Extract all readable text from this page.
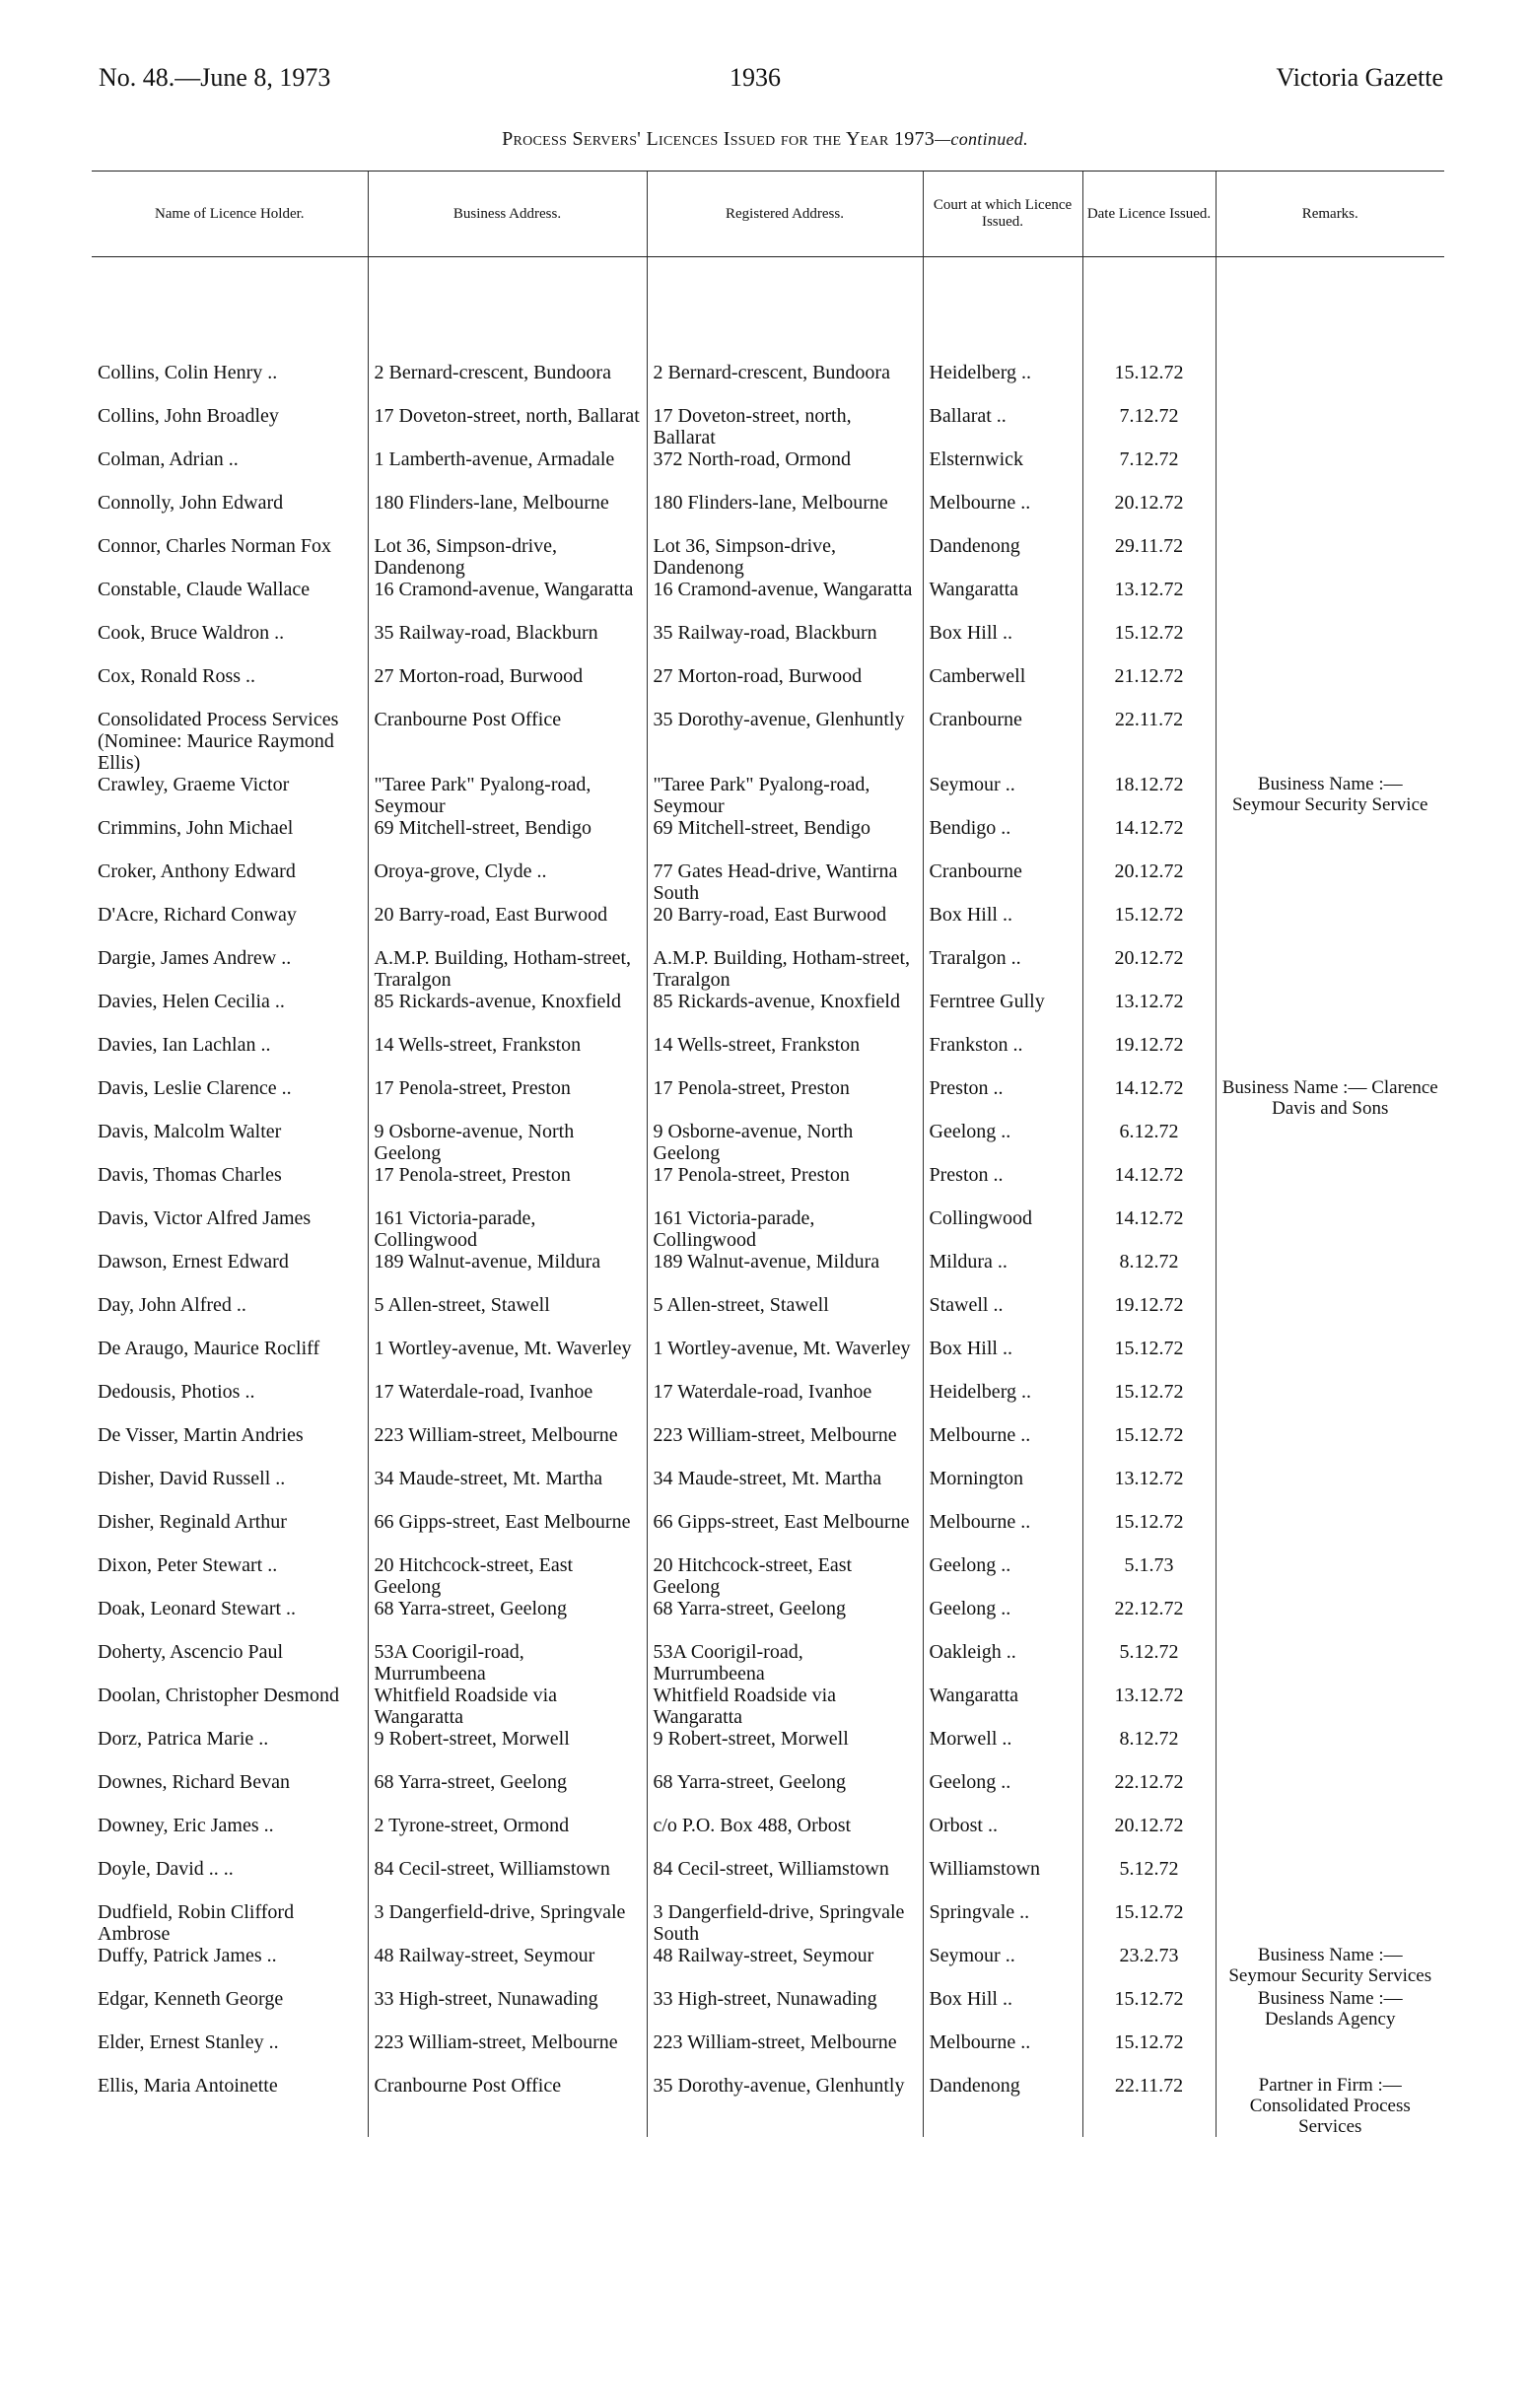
No. 48.—June 8, 1973	1936	Victoria Gazette
Process Servers' Licences Issued for the Year 1973—continued.
Name of Licence Holder.	Business Address.	Registered Address.	Court at which Licence Issued.	Date Licence Issued.	Remarks.

Collins, Colin Henry ..	2 Bernard-crescent, Bundoora	2 Bernard-crescent, Bundoora	Heidelberg ..	15.12.72	

Collins, John Broadley	17 Doveton-street, north, Ballarat	17 Doveton-street, north, Ballarat	Ballarat ..	7.12.72	

Colman, Adrian ..	1 Lamberth-avenue, Armadale	372 North-road, Ormond	Elsternwick	7.12.72	

Connolly, John Edward	180 Flinders-lane, Melbourne	180 Flinders-lane, Melbourne	Melbourne ..	20.12.72	

Connor, Charles Norman Fox	Lot 36, Simpson-drive, Dandenong	Lot 36, Simpson-drive, Dandenong	Dandenong	29.11.72	

Constable, Claude Wallace	16 Cramond-avenue, Wangaratta	16 Cramond-avenue, Wangaratta	Wangaratta	13.12.72	

Cook, Bruce Waldron ..	35 Railway-road, Blackburn	35 Railway-road, Blackburn	Box Hill ..	15.12.72	

Cox, Ronald Ross ..	27 Morton-road, Burwood	27 Morton-road, Burwood	Camberwell	21.12.72	

Consolidated Process Services (Nominee: Maurice Raymond Ellis)	Cranbourne Post Office	35 Dorothy-avenue, Glenhuntly	Cranbourne	22.11.72	

Crawley, Graeme Victor	"Taree Park" Pyalong-road, Seymour	"Taree Park" Pyalong-road, Seymour	Seymour ..	18.12.72	Business Name :— Seymour Security Service

Crimmins, John Michael	69 Mitchell-street, Bendigo	69 Mitchell-street, Bendigo	Bendigo ..	14.12.72	

Croker, Anthony Edward	Oroya-grove, Clyde ..	77 Gates Head-drive, Wantirna South	Cranbourne	20.12.72	

D'Acre, Richard Conway	20 Barry-road, East Burwood	20 Barry-road, East Burwood	Box Hill ..	15.12.72	

Dargie, James Andrew ..	A.M.P. Building, Hotham-street, Traralgon	A.M.P. Building, Hotham-street, Traralgon	Traralgon ..	20.12.72	

Davies, Helen Cecilia ..	85 Rickards-avenue, Knoxfield	85 Rickards-avenue, Knoxfield	Ferntree Gully	13.12.72	

Davies, Ian Lachlan ..	14 Wells-street, Frankston	14 Wells-street, Frankston	Frankston ..	19.12.72	

Davis, Leslie Clarence ..	17 Penola-street, Preston	17 Penola-street, Preston	Preston ..	14.12.72	Business Name :— Clarence Davis and Sons

Davis, Malcolm Walter	9 Osborne-avenue, North Geelong	9 Osborne-avenue, North Geelong	Geelong ..	6.12.72	

Davis, Thomas Charles	17 Penola-street, Preston	17 Penola-street, Preston	Preston ..	14.12.72	

Davis, Victor Alfred James	161 Victoria-parade, Collingwood	161 Victoria-parade, Collingwood	Collingwood	14.12.72	

Dawson, Ernest Edward	189 Walnut-avenue, Mildura	189 Walnut-avenue, Mildura	Mildura ..	8.12.72	

Day, John Alfred ..	5 Allen-street, Stawell	5 Allen-street, Stawell	Stawell ..	19.12.72	

De Araugo, Maurice Rocliff	1 Wortley-avenue, Mt. Waverley	1 Wortley-avenue, Mt. Waverley	Box Hill ..	15.12.72	

Dedousis, Photios ..	17 Waterdale-road, Ivanhoe	17 Waterdale-road, Ivanhoe	Heidelberg ..	15.12.72	

De Visser, Martin Andries	223 William-street, Melbourne	223 William-street, Melbourne	Melbourne ..	15.12.72	

Disher, David Russell ..	34 Maude-street, Mt. Martha	34 Maude-street, Mt. Martha	Mornington	13.12.72	

Disher, Reginald Arthur	66 Gipps-street, East Melbourne	66 Gipps-street, East Melbourne	Melbourne ..	15.12.72	

Dixon, Peter Stewart ..	20 Hitchcock-street, East Geelong	20 Hitchcock-street, East Geelong	Geelong ..	5.1.73	

Doak, Leonard Stewart ..	68 Yarra-street, Geelong	68 Yarra-street, Geelong	Geelong ..	22.12.72	

Doherty, Ascencio Paul	53A Coorigil-road, Murrumbeena	53A Coorigil-road, Murrumbeena	Oakleigh ..	5.12.72	

Doolan, Christopher Desmond	Whitfield Roadside via Wangaratta	Whitfield Roadside via Wangaratta	Wangaratta	13.12.72	

Dorz, Patrica Marie ..	9 Robert-street, Morwell	9 Robert-street, Morwell	Morwell ..	8.12.72	

Downes, Richard Bevan	68 Yarra-street, Geelong	68 Yarra-street, Geelong	Geelong ..	22.12.72	

Downey, Eric James ..	2 Tyrone-street, Ormond	c/o P.O. Box 488, Orbost	Orbost ..	20.12.72	

Doyle, David .. ..	84 Cecil-street, Williamstown	84 Cecil-street, Williamstown	Williamstown	5.12.72	

Dudfield, Robin Clifford Ambrose	3 Dangerfield-drive, Springvale	3 Dangerfield-drive, Springvale South	Springvale ..	15.12.72	

Duffy, Patrick James ..	48 Railway-street, Seymour	48 Railway-street, Seymour	Seymour ..	23.2.73	Business Name :— Seymour Security Services

Edgar, Kenneth George	33 High-street, Nunawading	33 High-street, Nunawading	Box Hill ..	15.12.72	Business Name :— Deslands Agency

Elder, Ernest Stanley ..	223 William-street, Melbourne	223 William-street, Melbourne	Melbourne ..	15.12.72	

Ellis, Maria Antoinette	Cranbourne Post Office	35 Dorothy-avenue, Glenhuntly	Dandenong	22.11.72	Partner in Firm :— Consolidated Process Services
